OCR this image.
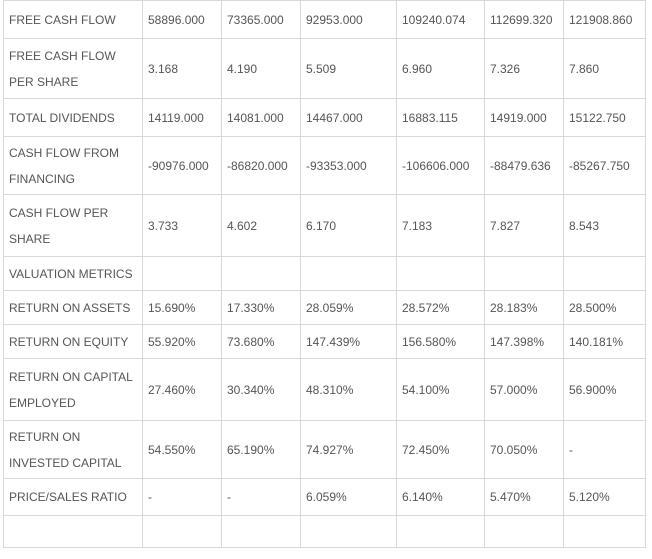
FREE CASH FLOW	58896.000	73365.000	92953.000	109240.074	112699.320	121908.860
FREE CASH FLOW PER SHARE	3.168	4.190	5.509	6.960	7.326	7.860
TOTAL DIVIDENDS	14119.000	14081.000	14467.000	16883.115	14919.000	15122.750
CASH FLOW FROM FINANCING	-90976.000	-86820.000	-93353.000	-106606.000	-88479.636	-85267.750
CASH FLOW PER SHARE	3.733	4.602	6.170	7.183	7.827	8.543
VALUATION METRICS						
RETURN ON ASSETS	15.690%	17.330%	28.059%	28.572%	28.183%	28.500%
RETURN ON EQUITY	55.920%	73.680%	147.439%	156.580%	147.398%	140.181%
RETURN ON CAPITAL EMPLOYED	27.460%	30.340%	48.310%	54.100%	57.000%	56.900%
RETURN ON INVESTED CAPITAL	54.550%	65.190%	74.927%	72.450%	70.050%	-
PRICE/SALES RATIO	-	-	6.059%	6.140%	5.470%	5.120%
